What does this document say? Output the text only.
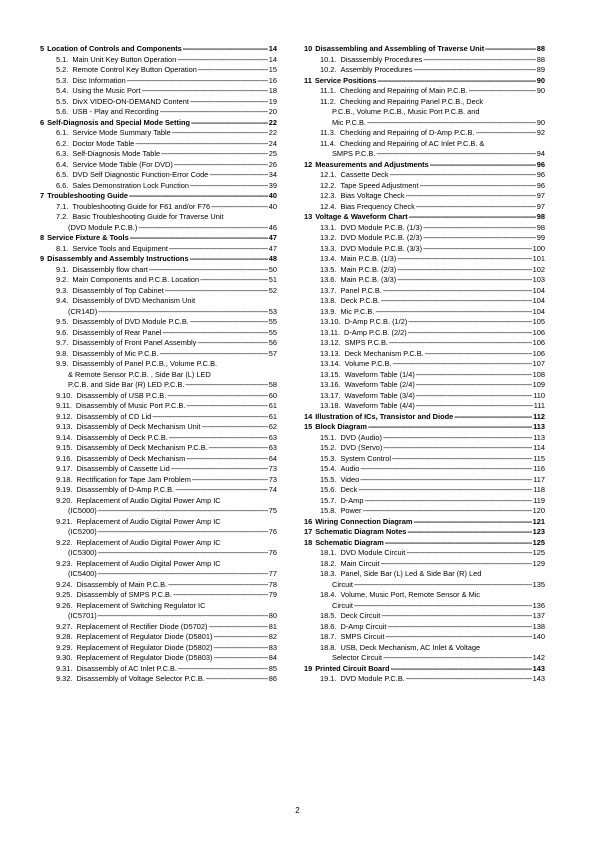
5 Location of Controls and Components -----	14
5.1. Main Unit Key Button Operation -----	14
5.2. Remote Control Key Button Operation -----	15
5.3. Disc Information -----	16
5.4. Using the Music Port -----	18
5.5. DivX VIDEO-ON-DEMAND Content -----	19
5.6. USB - Play and Recording -----	20
6 Self-Diagnosis and Special Mode Setting -----	22
6.1. Service Mode Summary Table -----	22
6.2. Doctor Mode Table -----	24
6.3. Self-Diagnosis Mode Table -----	25
6.4. Service Mode Table (For DVD) -----	26
6.5. DVD Self Diagnostic Function-Error Code -----	34
6.6. Sales Demonstration Lock Function -----	39
7 Troubleshooting Guide -----	40
7.1. Troubleshooting Guide for F61 and/or F76 -----	40
7.2. Basic Troubleshooting Guide for Traverse Unit
(DVD Module P.C.B.) -----	46
8 Service Fixture & Tools -----	47
8.1. Service Tools and Equipment -----	47
9 Disassembly and Assembly Instructions -----	48
9.1. Disassembly flow chart -----	50
9.2. Main Components and P.C.B. Location -----	51
9.3. Disassembly of Top Cabinet -----	52
9.4. Disassembly of DVD Mechanism Unit
(CR14D) -----	53
9.5. Disassembly of DVD Module P.C.B. -----	55
9.6. Disassembly of Rear Panel -----	55
9.7. Disassembly of Front Panel Assembly -----	56
9.8. Disassembly of Mic P.C.B. -----	57
9.9. Disassembly of Panel P.C.B., Volume P.C.B.
& Remote Sensor P.C.B. , Side Bar (L) LED
P.C.B. and Side Bar (R) LED P.C.B. -----	58
9.10. Disassembly of USB P.C.B. -----	60
9.11. Disassembly of Music Port P.C.B. -----	61
9.12. Disassembly of CD Lid -----	61
9.13. Disassembly of Deck Mechanism Unit -----	62
9.14. Disassembly of Deck P.C.B. -----	63
9.15. Disassembly of Deck Mechanism P.C.B. -----	63
9.16. Disassembly of Deck Mechanism -----	64
9.17. Disassembly of Cassette Lid -----	73
9.18. Rectification for Tape Jam Problem -----	73
9.19. Disassembly of D-Amp P.C.B. -----	74
9.20. Replacement of Audio Digital Power Amp IC
(IC5000) -----	75
9.21. Replacement of Audio Digital Power Amp IC
(IC5200) -----	76
9.22. Replacement of Audio Digital Power Amp IC
(IC5300) -----	76
9.23. Replacement of Audio Digital Power Amp IC
(IC5400) -----	77
9.24. Disassembly of Main P.C.B. -----	78
9.25. Disassembly of SMPS P.C.B. -----	79
9.26. Replacement of Switching Regulator IC
(IC5701) -----	80
9.27. Replacement of Rectifier Diode (D5702) -----	81
9.28. Replacement of Regulator Diode (D5801) -----	82
9.29. Replacement of Regulator Diode (D5802) -----	83
9.30. Replacement of Regulator Diode (D5803) -----	84
9.31. Disassembly of AC Inlet P.C.B. -----	85
9.32. Disassembly of Voltage Selector P.C.B. -----	86
10 Disassembling and Assembling of Traverse Unit -----	88
10.1. Disassembly Procedures -----	88
10.2. Assembly Procedures -----	89
11 Service Positions -----	90
11.1. Checking and Repairing of Main P.C.B. -----	90
11.2. Checking and Repairing Panel P.C.B., Deck
P.C.B., Volume P.C.B., Music Port P.C.B. and
Mic P.C.B. -----	90
11.3. Checking and Repairing of D-Amp P.C.B. -----	92
11.4. Checking and Repairing of AC Inlet P.C.B. &
SMPS P.C.B. -----	94
12 Measurements and Adjustments -----	96
12.1. Cassette Deck -----	96
12.2. Tape Speed Adjustment -----	96
12.3. Bias Voltage Check -----	97
12.4. Bias Frequency Check -----	97
13 Voltage & Waveform Chart -----	98
13.1. DVD Module P.C.B. (1/3) -----	98
13.2. DVD Module P.C.B. (2/3) -----	99
13.3. DVD Module P.C.B. (3/3) -----	100
13.4. Main P.C.B. (1/3) -----	101
13.5. Main P.C.B. (2/3) -----	102
13.6. Main P.C.B. (3/3) -----	103
13.7. Panel P.C.B. -----	104
13.8. Deck P.C.B. -----	104
13.9. Mic P.C.B. -----	104
13.10. D-Amp P.C.B. (1/2) -----	105
13.11. D-Amp P.C.B. (2/2) -----	106
13.12. SMPS P.C.B. -----	106
13.13. Deck Mechanism P.C.B. -----	106
13.14. Volume P.C.B. -----	107
13.15. Waveform Table (1/4) -----	108
13.16. Waveform Table (2/4) -----	109
13.17. Waveform Table (3/4) -----	110
13.18. Waveform Table (4/4) -----	111
14 Illustration of ICs, Transistor and Diode -----	112
15 Block Diagram -----	113
15.1. DVD (Audio) -----	113
15.2. DVD (Servo) -----	114
15.3. System Control -----	115
15.4. Audio -----	116
15.5. Video -----	117
15.6. Deck -----	118
15.7. D-Amp -----	119
15.8. Power -----	120
16 Wiring Connection Diagram -----	121
17 Schematic Diagram Notes -----	123
18 Schematic Diagram -----	125
18.1. DVD Module Circuit -----	125
18.2. Main Circuit -----	129
18.3. Panel, Side Bar (L) Led & Side Bar (R) Led
Circuit -----	135
18.4. Volume, Music Port, Remote Sensor & Mic
Circuit -----	136
18.5. Deck Circuit -----	137
18.6. D-Amp Circuit -----	138
18.7. SMPS Circuit -----	140
18.8. USB, Deck Mechanism, AC Inlet & Voltage
Selector Circuit -----	142
19 Printed Circuit Board -----	143
19.1. DVD Module P.C.B. -----	143
2
